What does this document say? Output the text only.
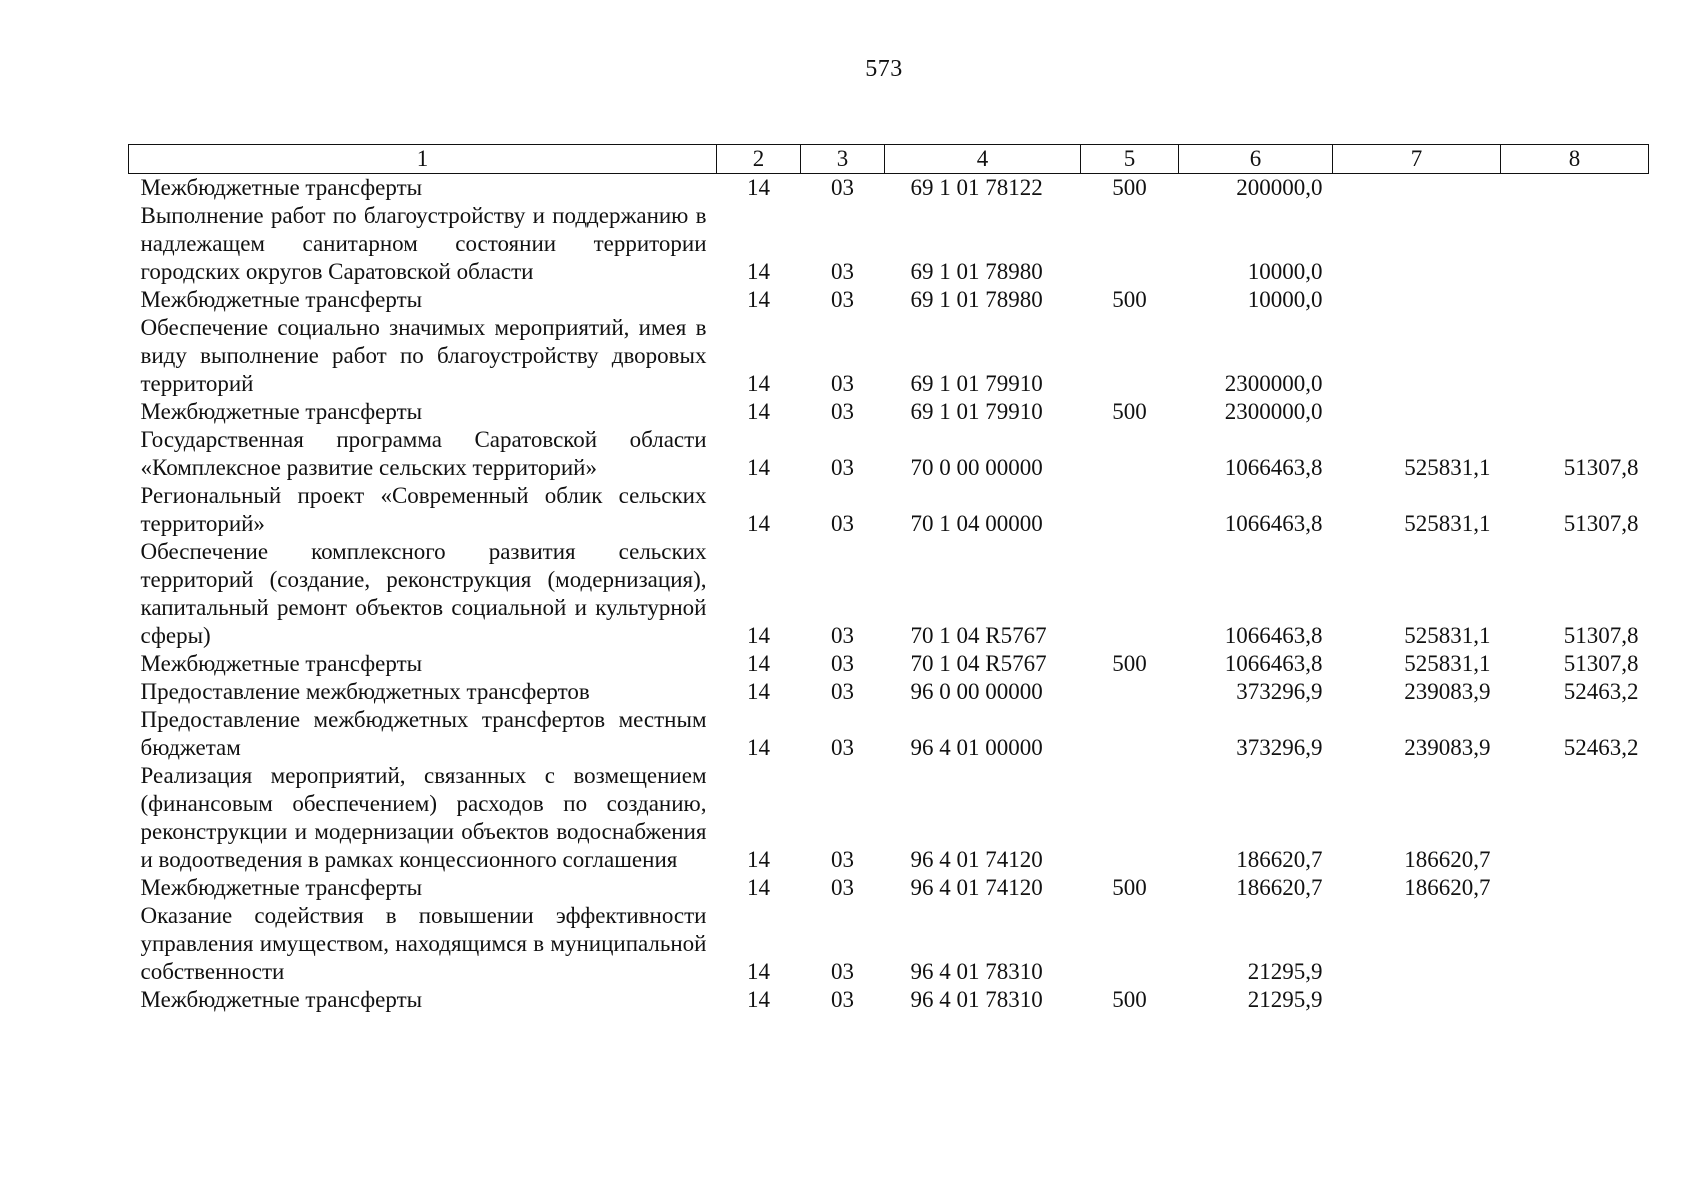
573
1	2	3	4	5	6	7	8
Межбюджетные трансферты	14	03	69 1 01 78122	500	200000,0		
Выполнение работ по благоустройству и поддержанию в надлежащем санитарном состоянии территории городских округов Саратовской области	14	03	69 1 01 78980		10000,0		
Межбюджетные трансферты	14	03	69 1 01 78980	500	10000,0		
Обеспечение социально значимых мероприятий, имея в виду выполнение работ по благоустройству дворовых территорий	14	03	69 1 01 79910		2300000,0		
Межбюджетные трансферты	14	03	69 1 01 79910	500	2300000,0		
Государственная программа Саратовской области «Комплексное развитие сельских территорий»	14	03	70 0 00 00000		1066463,8	525831,1	51307,8
Региональный проект «Современный облик сельских территорий»	14	03	70 1 04 00000		1066463,8	525831,1	51307,8
Обеспечение комплексного развития сельских территорий (создание, реконструкция (модернизация), капитальный ремонт объектов социальной и культурной сферы)	14	03	70 1 04 R5767		1066463,8	525831,1	51307,8
Межбюджетные трансферты	14	03	70 1 04 R5767	500	1066463,8	525831,1	51307,8
Предоставление межбюджетных трансфертов	14	03	96 0 00 00000		373296,9	239083,9	52463,2
Предоставление межбюджетных трансфертов местным бюджетам	14	03	96 4 01 00000		373296,9	239083,9	52463,2
Реализация мероприятий, связанных с возмещением (финансовым обеспечением) расходов по созданию, реконструкции и модернизации объектов водоснабжения и водоотведения в рамках концессионного соглашения	14	03	96 4 01 74120		186620,7	186620,7	
Межбюджетные трансферты	14	03	96 4 01 74120	500	186620,7	186620,7	
Оказание содействия в повышении эффективности управления имуществом, находящимся в муниципальной собственности	14	03	96 4 01 78310		21295,9		
Межбюджетные трансферты	14	03	96 4 01 78310	500	21295,9		
